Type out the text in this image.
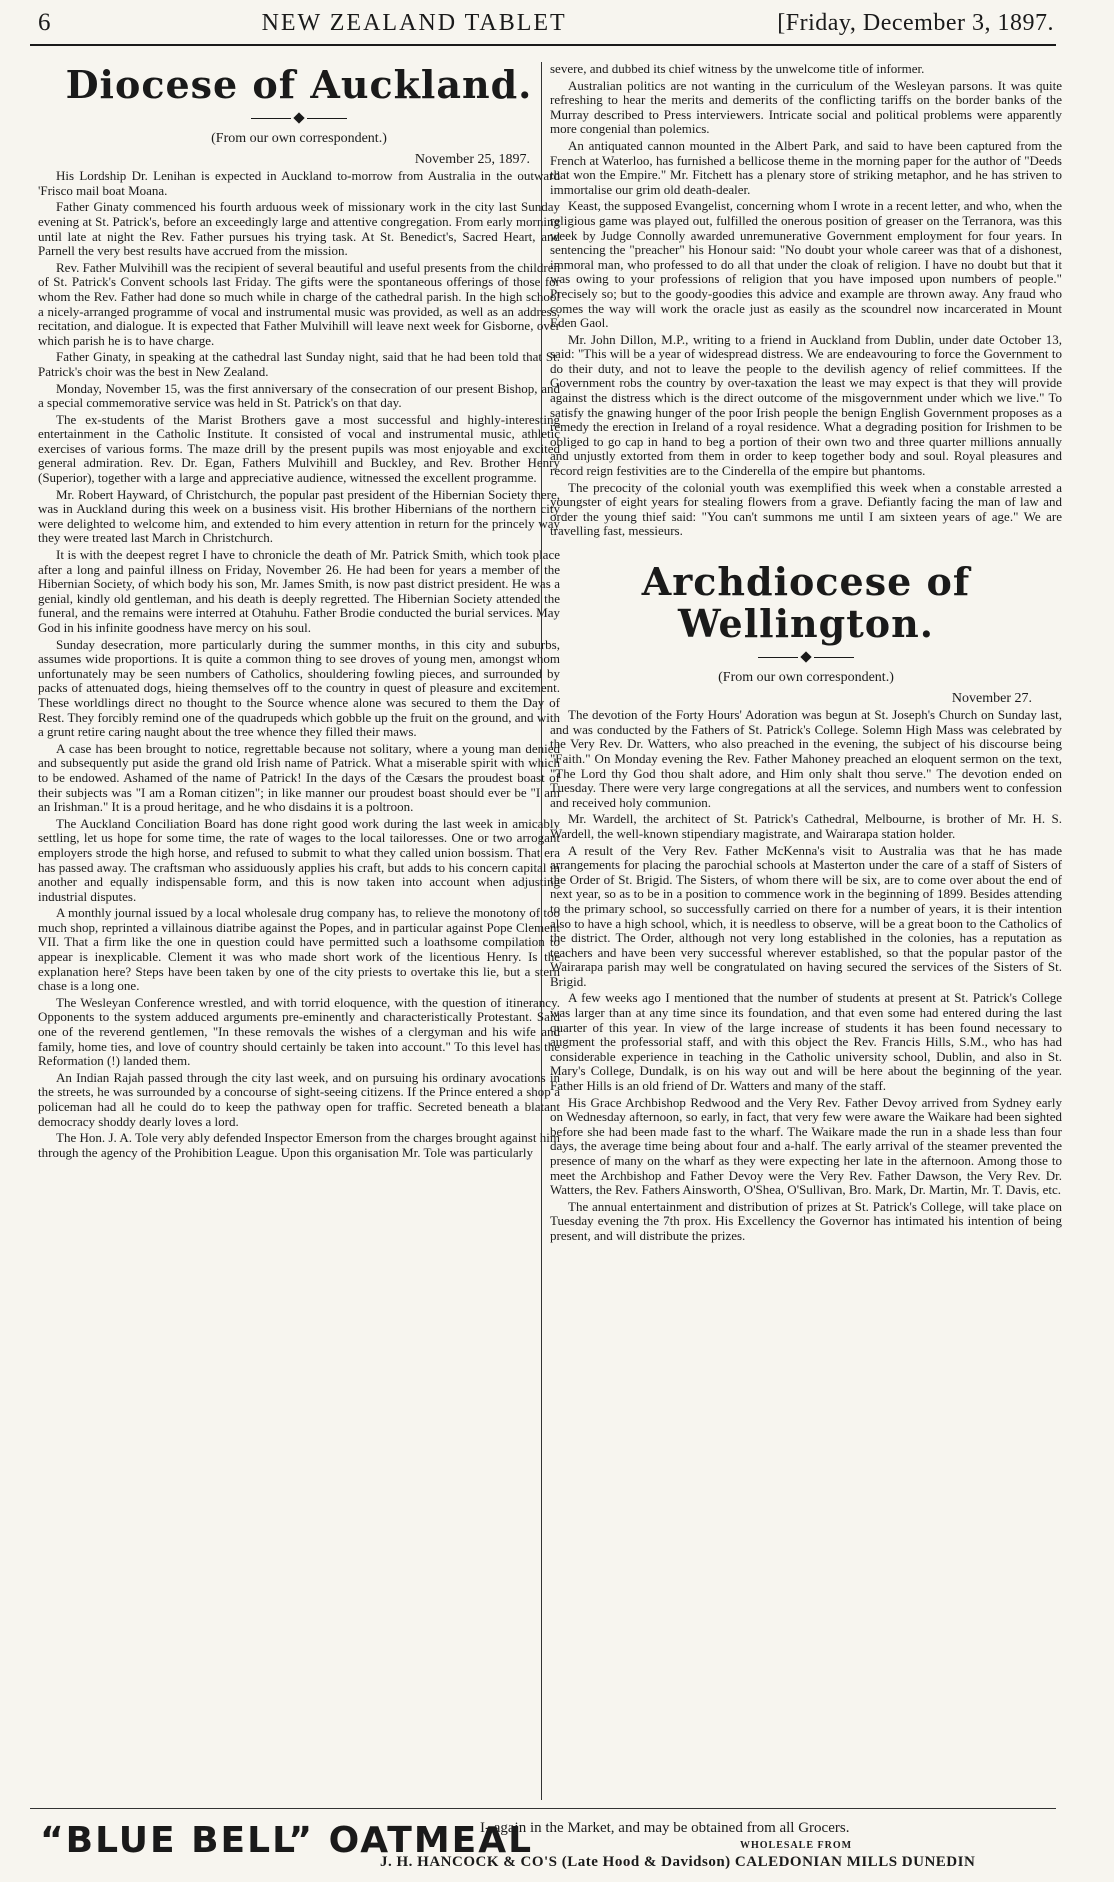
6	NEW ZEALAND TABLET	[Friday, December 3, 1897.
Diocese of Auckland.
(From our own correspondent.)
November 25, 1897.

His Lordship Dr. Lenihan is expected in Auckland to-morrow from Australia in the outward 'Frisco mail boat Moana.

Father Ginaty commenced his fourth arduous week of missionary work in the city last Sunday evening at St. Patrick's, before an exceedingly large and attentive congregation. From early morning until late at night the Rev. Father pursues his trying task. At St. Benedict's, Sacred Heart, and Parnell the very best results have accrued from the mission.

Rev. Father Mulvihill was the recipient of several beautiful and useful presents from the children of St. Patrick's Convent schools last Friday. The gifts were the spontaneous offerings of those for whom the Rev. Father had done so much while in charge of the cathedral parish. In the high school a nicely-arranged programme of vocal and instrumental music was provided, as well as an address, recitation, and dialogue. It is expected that Father Mulvihill will leave next week for Gisborne, over which parish he is to have charge.

Father Ginaty, in speaking at the cathedral last Sunday night, said that he had been told that St. Patrick's choir was the best in New Zealand.

Monday, November 15, was the first anniversary of the consecration of our present Bishop, and a special commemorative service was held in St. Patrick's on that day.

The ex-students of the Marist Brothers gave a most successful and highly-interesting entertainment in the Catholic Institute. It consisted of vocal and instrumental music, athletic exercises of various forms. The maze drill by the present pupils was most enjoyable and excited general admiration. Rev. Dr. Egan, Fathers Mulvihill and Buckley, and Rev. Brother Henry (Superior), together with a large and appreciative audience, witnessed the excellent programme.

Mr. Robert Hayward, of Christchurch, the popular past president of the Hibernian Society there, was in Auckland during this week on a business visit. His brother Hibernians of the northern city were delighted to welcome him, and extended to him every attention in return for the princely way they were treated last March in Christchurch.

It is with the deepest regret I have to chronicle the death of Mr. Patrick Smith, which took place after a long and painful illness on Friday, November 26. He had been for years a member of the Hibernian Society, of which body his son, Mr. James Smith, is now past district president. He was a genial, kindly old gentleman, and his death is deeply regretted. The Hibernian Society attended the funeral, and the remains were interred at Otahuhu. Father Brodie conducted the burial services. May God in his infinite goodness have mercy on his soul.

Sunday desecration, more particularly during the summer months, in this city and suburbs, assumes wide proportions. It is quite a common thing to see droves of young men, amongst whom unfortunately may be seen numbers of Catholics, shouldering fowling pieces, and surrounded by packs of attenuated dogs, hieing themselves off to the country in quest of pleasure and excitement. These worldlings direct no thought to the Source whence alone was secured to them the Day of Rest. They forcibly remind one of the quadrupeds which gobble up the fruit on the ground, and with a grunt retire caring naught about the tree whence they filled their maws.

A case has been brought to notice, regrettable because not solitary, where a young man denied and subsequently put aside the grand old Irish name of Patrick. What a miserable spirit with which to be endowed. Ashamed of the name of Patrick! In the days of the Cæsars the proudest boast of their subjects was "I am a Roman citizen"; in like manner our proudest boast should ever be "I am an Irishman." It is a proud heritage, and he who disdains it is a poltroon.

The Auckland Conciliation Board has done right good work during the last week in amicably settling, let us hope for some time, the rate of wages to the local tailoresses. One or two arrogant employers strode the high horse, and refused to submit to what they called union bossism. That era has passed away. The craftsman who assiduously applies his craft, but adds to his concern capital in another and equally indispensable form, and this is now taken into account when adjusting industrial disputes.

A monthly journal issued by a local wholesale drug company has, to relieve the monotony of too much shop, reprinted a villainous diatribe against the Popes, and in particular against Pope Clement VII. That a firm like the one in question could have permitted such a loathsome compilation to appear is inexplicable. Clement it was who made short work of the licentious Henry. Is the explanation here? Steps have been taken by one of the city priests to overtake this lie, but a stern chase is a long one.

The Wesleyan Conference wrestled, and with torrid eloquence, with the question of itinerancy. Opponents to the system adduced arguments pre-eminently and characteristically Protestant. Said one of the reverend gentlemen, "In these removals the wishes of a clergyman and his wife and family, home ties, and love of country should certainly be taken into account." To this level has the Reformation (!) landed them.

An Indian Rajah passed through the city last week, and on pursuing his ordinary avocations in the streets, he was surrounded by a concourse of sight-seeing citizens. If the Prince entered a shop a policeman had all he could do to keep the pathway open for traffic. Secreted beneath a blatant democracy shoddy dearly loves a lord.

The Hon. J. A. Tole very ably defended Inspector Emerson from the charges brought against him through the agency of the Prohibition League. Upon this organisation Mr. Tole was particularly

severe, and dubbed its chief witness by the unwelcome title of informer.

Australian politics are not wanting in the curriculum of the Wesleyan parsons. It was quite refreshing to hear the merits and demerits of the conflicting tariffs on the border banks of the Murray described to Press interviewers. Intricate social and political problems were apparently more congenial than polemics.

An antiquated cannon mounted in the Albert Park, and said to have been captured from the French at Waterloo, has furnished a bellicose theme in the morning paper for the author of "Deeds that won the Empire." Mr. Fitchett has a plenary store of striking metaphor, and he has striven to immortalise our grim old death-dealer.

Keast, the supposed Evangelist, concerning whom I wrote in a recent letter, and who, when the religious game was played out, fulfilled the onerous position of greaser on the Terranora, was this week by Judge Connolly awarded unremunerative Government employment for four years. In sentencing the "preacher" his Honour said: "No doubt your whole career was that of a dishonest, immoral man, who professed to do all that under the cloak of religion. I have no doubt but that it was owing to your professions of religion that you have imposed upon numbers of people." Precisely so; but to the goody-goodies this advice and example are thrown away. Any fraud who comes the way will work the oracle just as easily as the scoundrel now incarcerated in Mount Eden Gaol.

Mr. John Dillon, M.P., writing to a friend in Auckland from Dublin, under date October 13, said: "This will be a year of widespread distress. We are endeavouring to force the Government to do their duty, and not to leave the people to the devilish agency of relief committees. If the Government robs the country by over-taxation the least we may expect is that they will provide against the distress which is the direct outcome of the misgovernment under which we live." To satisfy the gnawing hunger of the poor Irish people the benign English Government proposes as a remedy the erection in Ireland of a royal residence. What a degrading position for Irishmen to be obliged to go cap in hand to beg a portion of their own two and three quarter millions annually and unjustly extorted from them in order to keep together body and soul. Royal pleasures and record reign festivities are to the Cinderella of the empire but phantoms.

The precocity of the colonial youth was exemplified this week when a constable arrested a youngster of eight years for stealing flowers from a grave. Defiantly facing the man of law and order the young thief said: "You can't summons me until I am sixteen years of age." We are travelling fast, messieurs.

Archdiocese of Wellington.
(From our own correspondent.)
November 27.

The devotion of the Forty Hours' Adoration was begun at St. Joseph's Church on Sunday last, and was conducted by the Fathers of St. Patrick's College. Solemn High Mass was celebrated by the Very Rev. Dr. Watters, who also preached in the evening, the subject of his discourse being "Faith." On Monday evening the Rev. Father Mahoney preached an eloquent sermon on the text, "The Lord thy God thou shalt adore, and Him only shalt thou serve." The devotion ended on Tuesday. There were very large congregations at all the services, and numbers went to confession and received holy communion.

Mr. Wardell, the architect of St. Patrick's Cathedral, Melbourne, is brother of Mr. H. S. Wardell, the well-known stipendiary magistrate, and Wairarapa station holder.

A result of the Very Rev. Father McKenna's visit to Australia was that he has made arrangements for placing the parochial schools at Masterton under the care of a staff of Sisters of the Order of St. Brigid. The Sisters, of whom there will be six, are to come over about the end of next year, so as to be in a position to commence work in the beginning of 1899. Besides attending to the primary school, so successfully carried on there for a number of years, it is their intention also to have a high school, which, it is needless to observe, will be a great boon to the Catholics of the district. The Order, although not very long established in the colonies, has a reputation as teachers and have been very successful wherever established, so that the popular pastor of the Wairarapa parish may well be congratulated on having secured the services of the Sisters of St. Brigid.

A few weeks ago I mentioned that the number of students at present at St. Patrick's College was larger than at any time since its foundation, and that even some had entered during the last quarter of this year. In view of the large increase of students it has been found necessary to augment the professorial staff, and with this object the Rev. Francis Hills, S.M., who has had considerable experience in teaching in the Catholic university school, Dublin, and also in St. Mary's College, Dundalk, is on his way out and will be here about the beginning of the year. Father Hills is an old friend of Dr. Watters and many of the staff.

His Grace Archbishop Redwood and the Very Rev. Father Devoy arrived from Sydney early on Wednesday afternoon, so early, in fact, that very few were aware the Waikare had been sighted before she had been made fast to the wharf. The Waikare made the run in a shade less than four days, the average time being about four and a-half. The early arrival of the steamer prevented the presence of many on the wharf as they were expecting her late in the afternoon. Among those to meet the Archbishop and Father Devoy were the Very Rev. Father Dawson, the Very Rev. Dr. Watters, the Rev. Fathers Ainsworth, O'Shea, O'Sullivan, Bro. Mark, Dr. Martin, Mr. T. Davis, etc.

The annual entertainment and distribution of prizes at St. Patrick's College, will take place on Tuesday evening the 7th prox. His Excellency the Governor has intimated his intention of being present, and will distribute the prizes.

“BLUE BELL” OATMEAL
I- again in the Market, and may be obtained from all Grocers.
WHOLESALE FROM
J. H. HANCOCK & CO'S (Late Hood & Davidson) CALEDONIAN MILLS DUNEDIN
